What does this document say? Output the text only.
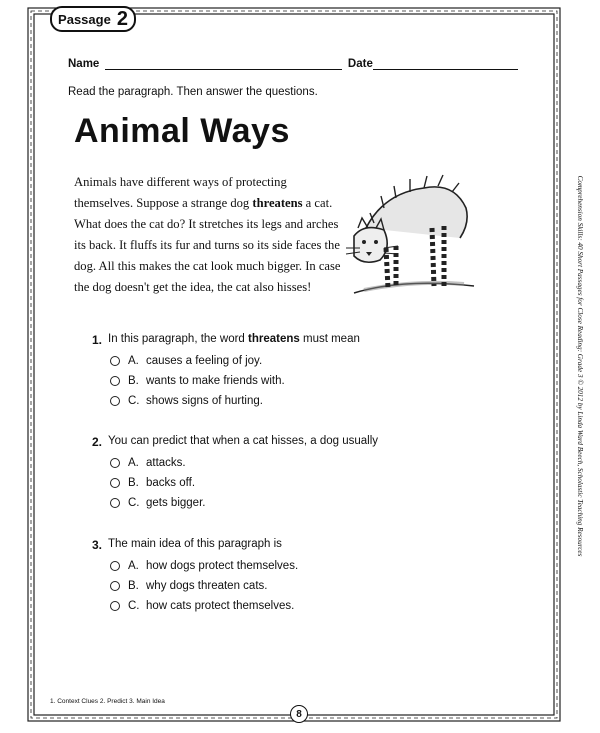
Passage 2
Name	Date
Read the paragraph. Then answer the questions.
Animal Ways
Animals have different ways of protecting themselves. Suppose a strange dog threatens a cat. What does the cat do? It stretches its legs and arches its back. It fluffs its fur and turns so its side faces the dog. All this makes the cat look much bigger. In case the dog doesn't get the idea, the cat also hisses!
1. In this paragraph, the word threatens must mean
A. causes a feeling of joy.
B. wants to make friends with.
C. shows signs of hurting.
2. You can predict that when a cat hisses, a dog usually
A. attacks.
B. backs off.
C. gets bigger.
3. The main idea of this paragraph is
A. how dogs protect themselves.
B. why dogs threaten cats.
C. how cats protect themselves.
Comprehension Skills: 40 Short Passages for Close Reading: Grade 3 © 2012 by Linda Ward Beech, Scholastic Teaching Resources
1. Context Clues 2. Predict 3. Main Idea
8
